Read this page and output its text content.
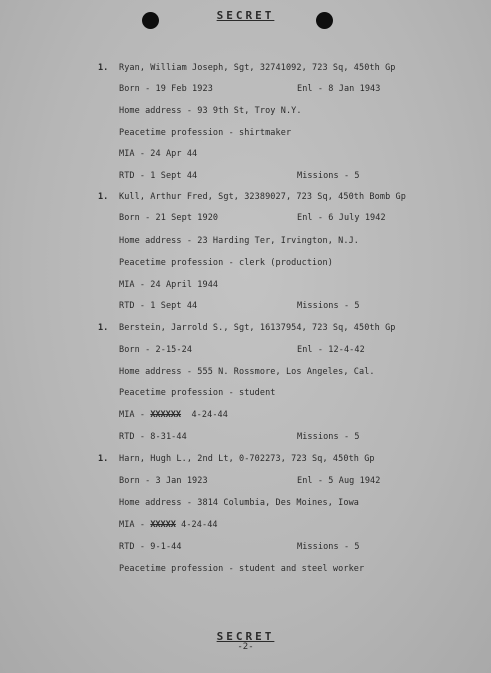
SECRET
1. Ryan, William Joseph, Sgt, 32741092, 723 Sq, 450th Gp
Born - 19 Feb 1923	Enl - 8 Jan 1943
Home address - 93 9th St, Troy N.Y.
Peacetime profession - shirtmaker
MIA - 24 Apr 44
RTD - 1 Sept 44	Missions - 5
1. Kull, Arthur Fred, Sgt, 32389027, 723 Sq, 450th Bomb Gp
Born - 21 Sept 1920	Enl - 6 July 1942
Home address - 23 Harding Ter, Irvington, N.J.
Peacetime profession - clerk (production)
MIA - 24 April 1944
RTD - 1 Sept 44	Missions - 5
1. Berstein, Jarrold S., Sgt, 16137954, 723 Sq, 450th Gp
Born - 2-15-24	Enl - 12-4-42
Home address - 555 N. Rossmore, Los Angeles, Cal.
Peacetime profession - student
MIA - XXXXXX 4-24-44
RTD - 8-31-44	Missions - 5
1. Harn, Hugh L., 2nd Lt, 0-702273, 723 Sq, 450th Gp
Born - 3 Jan 1923	Enl - 5 Aug 1942
Home address - 3814 Columbia, Des Moines, Iowa
MIA - XXXXX 4-24-44
RTD - 9-1-44	Missions - 5
Peacetime profession - student and steel worker
SECRET
-2-
